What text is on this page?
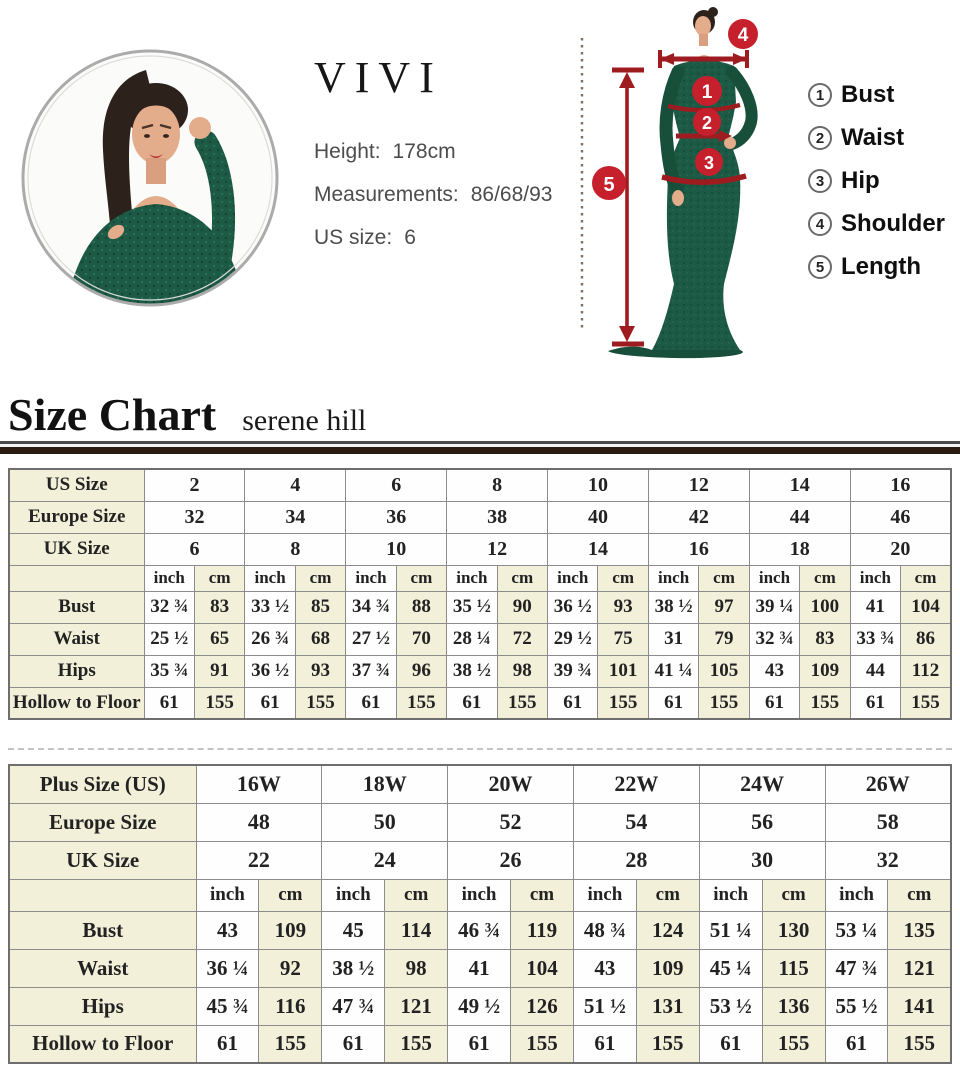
VIVI
Height: 178cm
Measurements: 86/68/93
US size: 6
1
2
3
4
5
1 Bust
2 Waist
3 Hip
4 Shoulder
5 Length
Size Chart serene hill
US Size	2		4		6		8		10		12		14		16	
Europe Size	32		34		36		38		40		42		44		46	
UK Size	6		8		10		12		14		16		18		20	
	inch	cm	inch	cm	inch	cm	inch	cm	inch	cm	inch	cm	inch	cm	inch	cm
Bust	32 ¾	83	33 ½	85	34 ¾	88	35 ½	90	36 ½	93	38 ½	97	39 ¼	100	41	104
Waist	25 ½	65	26 ¾	68	27 ½	70	28 ¼	72	29 ½	75	31	79	32 ¾	83	33 ¾	86
Hips	35 ¾	91	36 ½	93	37 ¾	96	38 ½	98	39 ¾	101	41 ¼	105	43	109	44	112
Hollow to Floor	61	155	61	155	61	155	61	155	61	155	61	155	61	155	61	155
Plus Size (US)	16W		18W		20W		22W		24W		26W	
Europe Size	48		50		52		54		56		58	
UK Size	22		24		26		28		30		32	
	inch	cm	inch	cm	inch	cm	inch	cm	inch	cm	inch	cm
Bust	43	109	45	114	46 ¾	119	48 ¾	124	51 ¼	130	53 ¼	135
Waist	36 ¼	92	38 ½	98	41	104	43	109	45 ¼	115	47 ¾	121
Hips	45 ¾	116	47 ¾	121	49 ½	126	51 ½	131	53 ½	136	55 ½	141
Hollow to Floor	61	155	61	155	61	155	61	155	61	155	61	155
